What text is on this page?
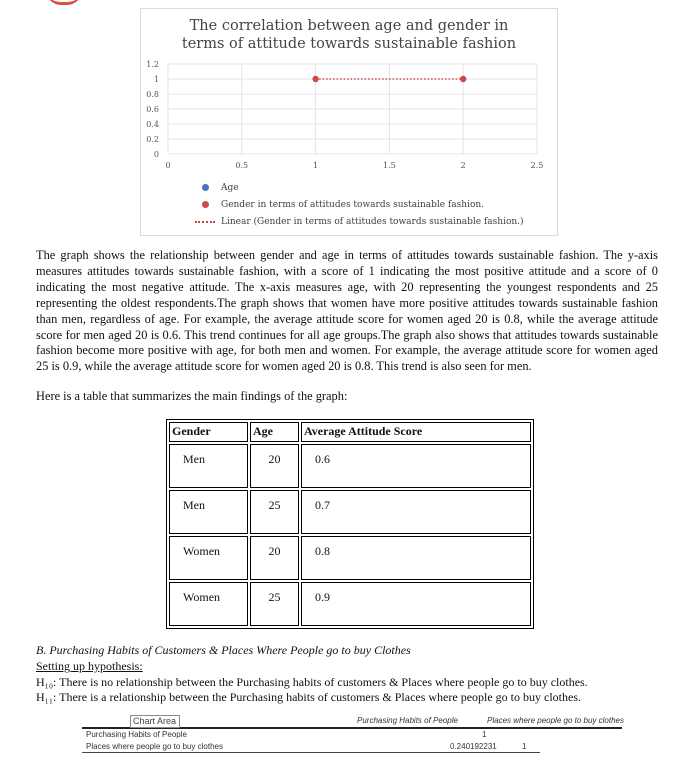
The correlation between age and gender in
terms of attitude towards sustainable fashion
0
0.2
0.4
0.6
0.8
1
1.2
0	0.5	1	1.5	2	2.5
Age
Gender in terms of attitudes towards sustainable fashion.
Linear (Gender in terms of attitudes towards sustainable fashion.)
The graph shows the relationship between gender and age in terms of attitudes towards sustainable fashion. The y-axis measures attitudes towards sustainable fashion, with a score of 1 indicating the most positive attitude and a score of 0 indicating the most negative attitude. The x-axis measures age, with 20 representing the youngest respondents and 25 representing the oldest respondents.The graph shows that women have more positive attitudes towards sustainable fashion than men, regardless of age. For example, the average attitude score for women aged 20 is 0.8, while the average attitude score for men aged 20 is 0.6. This trend continues for all age groups.The graph also shows that attitudes towards sustainable fashion become more positive with age, for both men and women. For example, the average attitude score for women aged 25 is 0.9, while the average attitude score for women aged 20 is 0.8. This trend is also seen for men.
Here is a table that summarizes the main findings of the graph:
Gender	Age	Average Attitude Score

Men	20	0.6

Men	25	0.7

Women	20	0.8

Women	25	0.9
B. Purchasing Habits of Customers & Places Where People go to buy Clothes
Setting up hypothesis:
H₁₀: There is no relationship between the Purchasing habits of customers & Places where people go to buy clothes.
H₁₁: There is a relationship between the Purchasing habits of customers & Places where people go to buy clothes.
Chart Area	Purchasing Habits of People	Places where people go to buy clothes
Purchasing Habits of People	1
Places where people go to buy clothes	0.240192231	1
